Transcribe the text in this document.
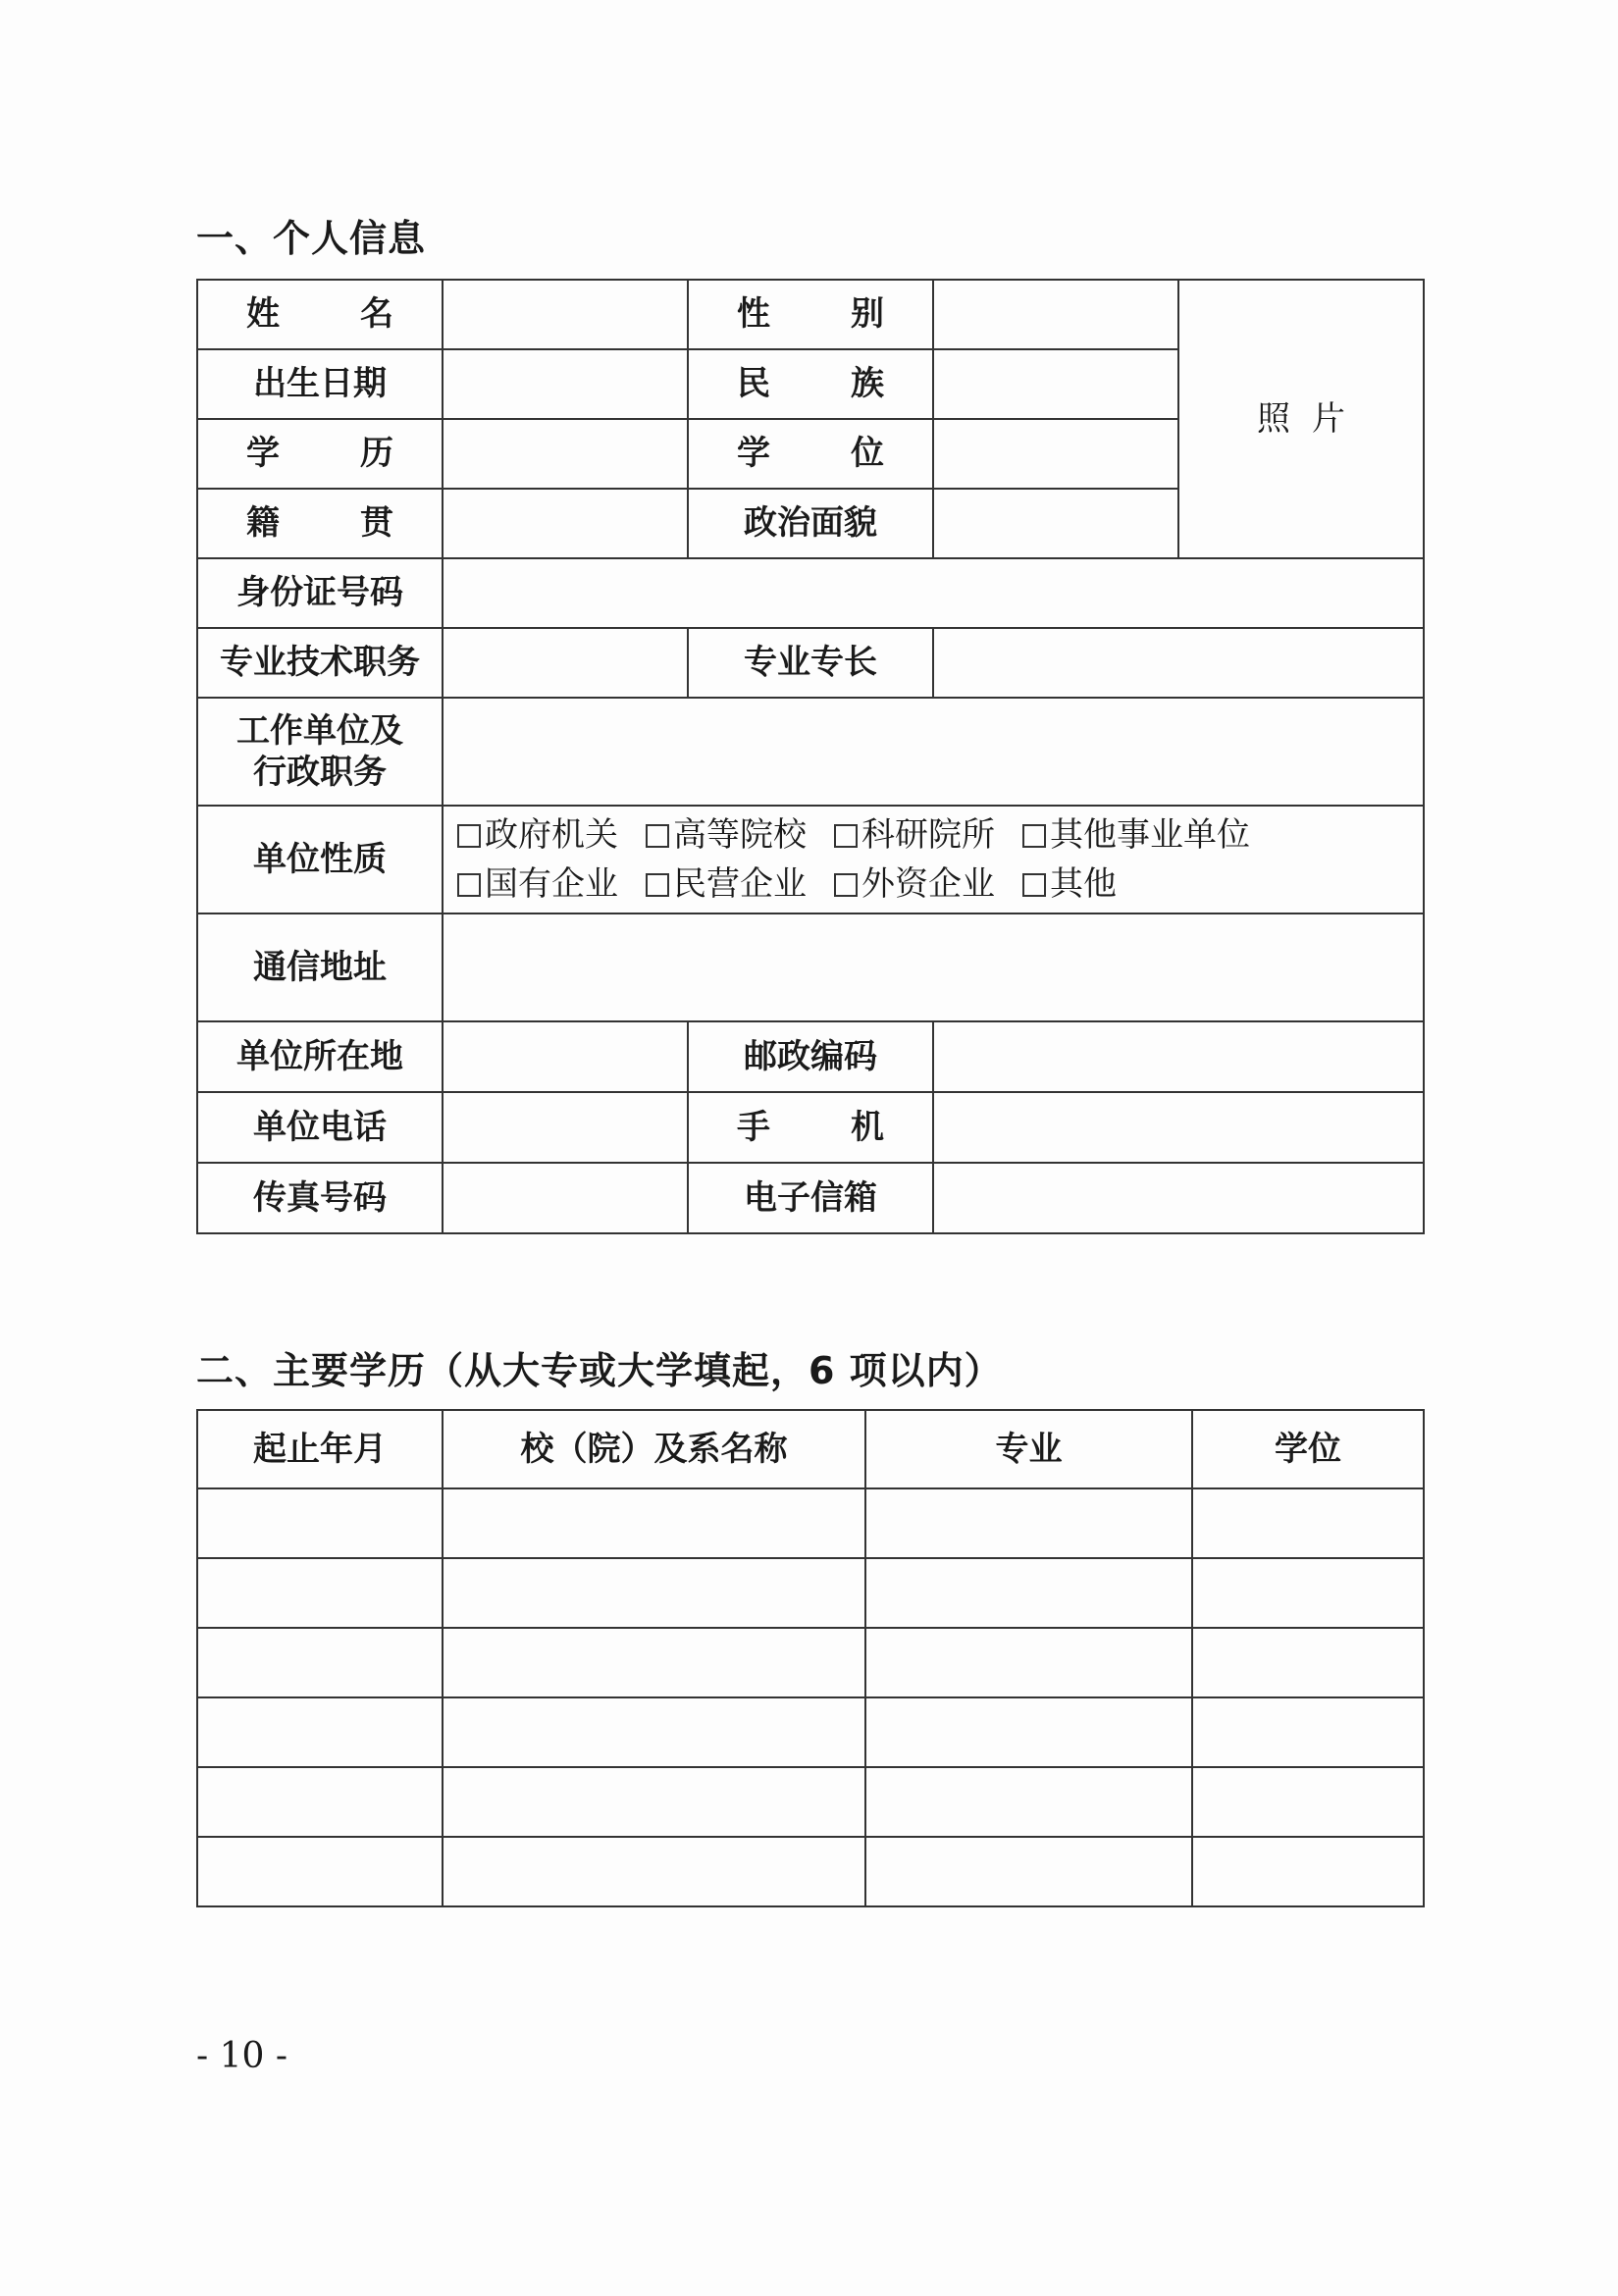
一、个人信息
姓 名		性 别		照 片

出生日期		民 族		

学 历		学 位		

籍 贯		政治面貌		
身份证号码				
专业技术职务		专业专长		

工作单位及
行政职务				

单位性质	政府机关 高等院校 科研院所 其他事业单位
国有企业 民营企业 外资企业 其他			

通信地址				
单位所在地		邮政编码		
单位电话		手 机		

传真号码		电子信箱		
二、主要学历（从大专或大学填起，6 项以内）
起止年月	校（院）及系名称	专业	学位

- 10 -
